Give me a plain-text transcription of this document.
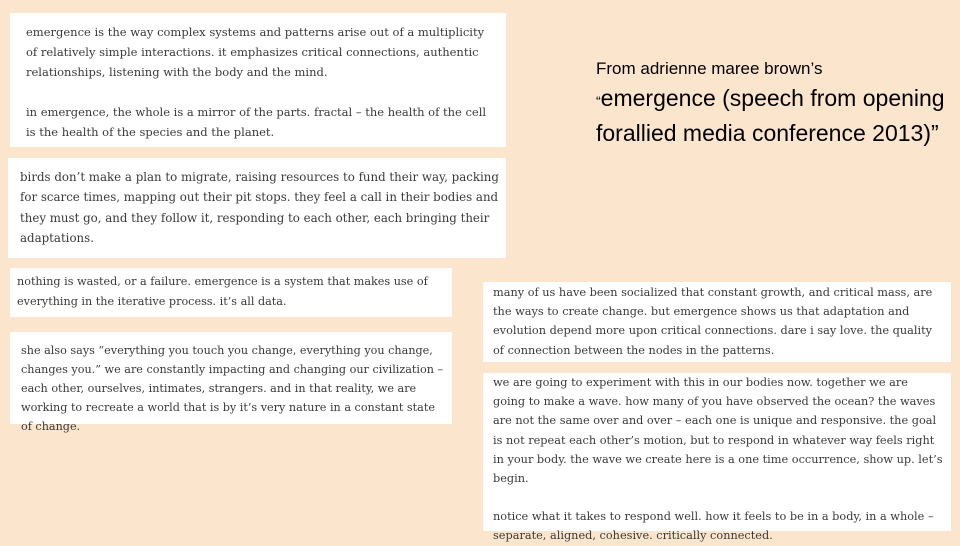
emergence is the way complex systems and patterns arise out of a multiplicity of relatively simple interactions. it emphasizes critical connections, authentic relationships, listening with the body and the mind.

in emergence, the whole is a mirror of the parts. fractal – the health of the cell is the health of the species and the planet.

birds don’t make a plan to migrate, raising resources to fund their way, packing for scarce times, mapping out their pit stops. they feel a call in their bodies and they must go, and they follow it, responding to each other, each bringing their adaptations.

nothing is wasted, or a failure. emergence is a system that makes use of everything in the iterative process. it’s all data.

she also says “everything you touch you change, everything you change, changes you.” we are constantly impacting and changing our civilization – each other, ourselves, intimates, strangers. and in that reality, we are working to recreate a world that is by it’s very nature in a constant state of change.

many of us have been socialized that constant growth, and critical mass, are the ways to create change. but emergence shows us that adaptation and evolution depend more upon critical connections. dare i say love. the quality of connection between the nodes in the patterns.

we are going to experiment with this in our bodies now. together we are going to make a wave. how many of you have observed the ocean? the waves are not the same over and over – each one is unique and responsive. the goal is not repeat each other’s motion, but to respond in whatever way feels right in your body. the wave we create here is a one time occurrence, show up. let’s begin.

notice what it takes to respond well. how it feels to be in a body, in a whole – separate, aligned, cohesive. critically connected.

From adrienne maree brown’s
“emergence (speech from opening forallied media conference 2013)”
